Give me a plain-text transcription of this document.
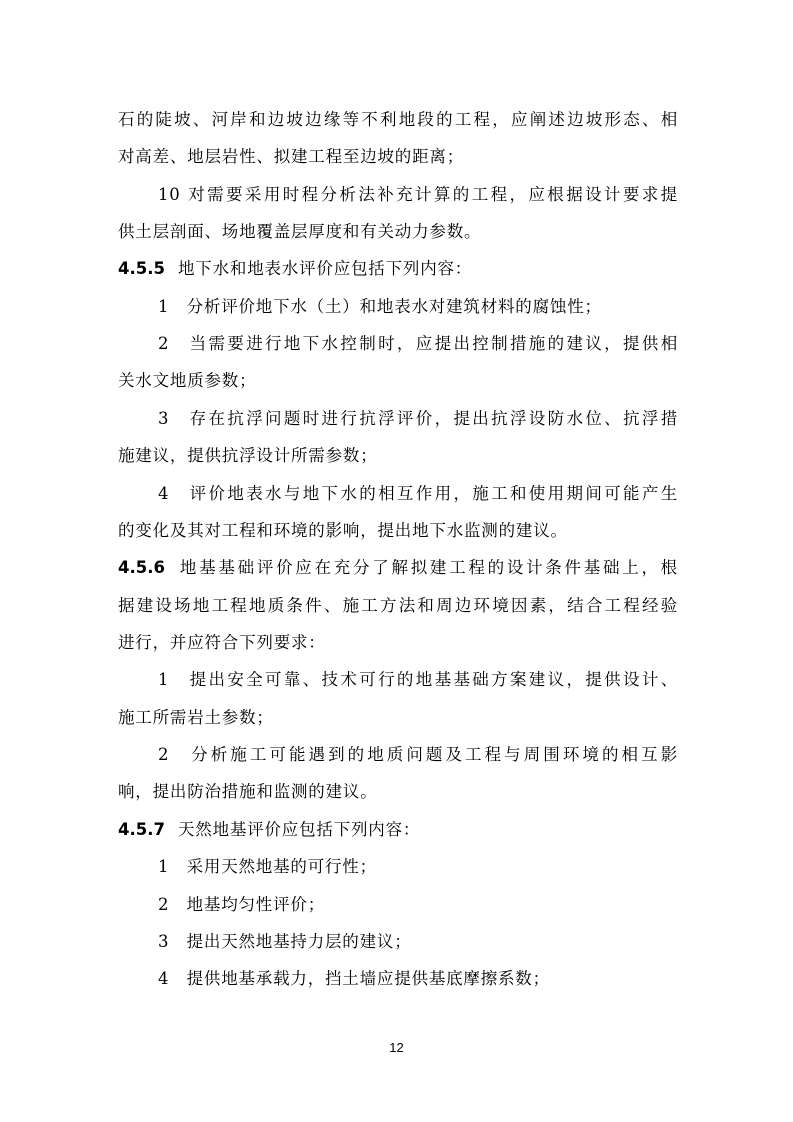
石的陡坡、河岸和边坡边缘等不利地段的工程，应阐述边坡形态、相
对高差、地层岩性、拟建工程至边坡的距离；
10 对需要采用时程分析法补充计算的工程，应根据设计要求提
供土层剖面、场地覆盖层厚度和有关动力参数。
4.5.5 地下水和地表水评价应包括下列内容：
1　分析评价地下水（土）和地表水对建筑材料的腐蚀性；
2　当需要进行地下水控制时，应提出控制措施的建议，提供相
关水文地质参数；
3　存在抗浮问题时进行抗浮评价，提出抗浮设防水位、抗浮措
施建议，提供抗浮设计所需参数；
4　评价地表水与地下水的相互作用，施工和使用期间可能产生
的变化及其对工程和环境的影响，提出地下水监测的建议。
4.5.6 地基基础评价应在充分了解拟建工程的设计条件基础上，根
据建设场地工程地质条件、施工方法和周边环境因素，结合工程经验
进行，并应符合下列要求：
1　提出安全可靠、技术可行的地基基础方案建议，提供设计、
施工所需岩土参数；
2　分析施工可能遇到的地质问题及工程与周围环境的相互影
响，提出防治措施和监测的建议。
4.5.7 天然地基评价应包括下列内容：
1　采用天然地基的可行性；
2　地基均匀性评价；
3　提出天然地基持力层的建议；
4　提供地基承载力，挡土墙应提供基底摩擦系数；
12
